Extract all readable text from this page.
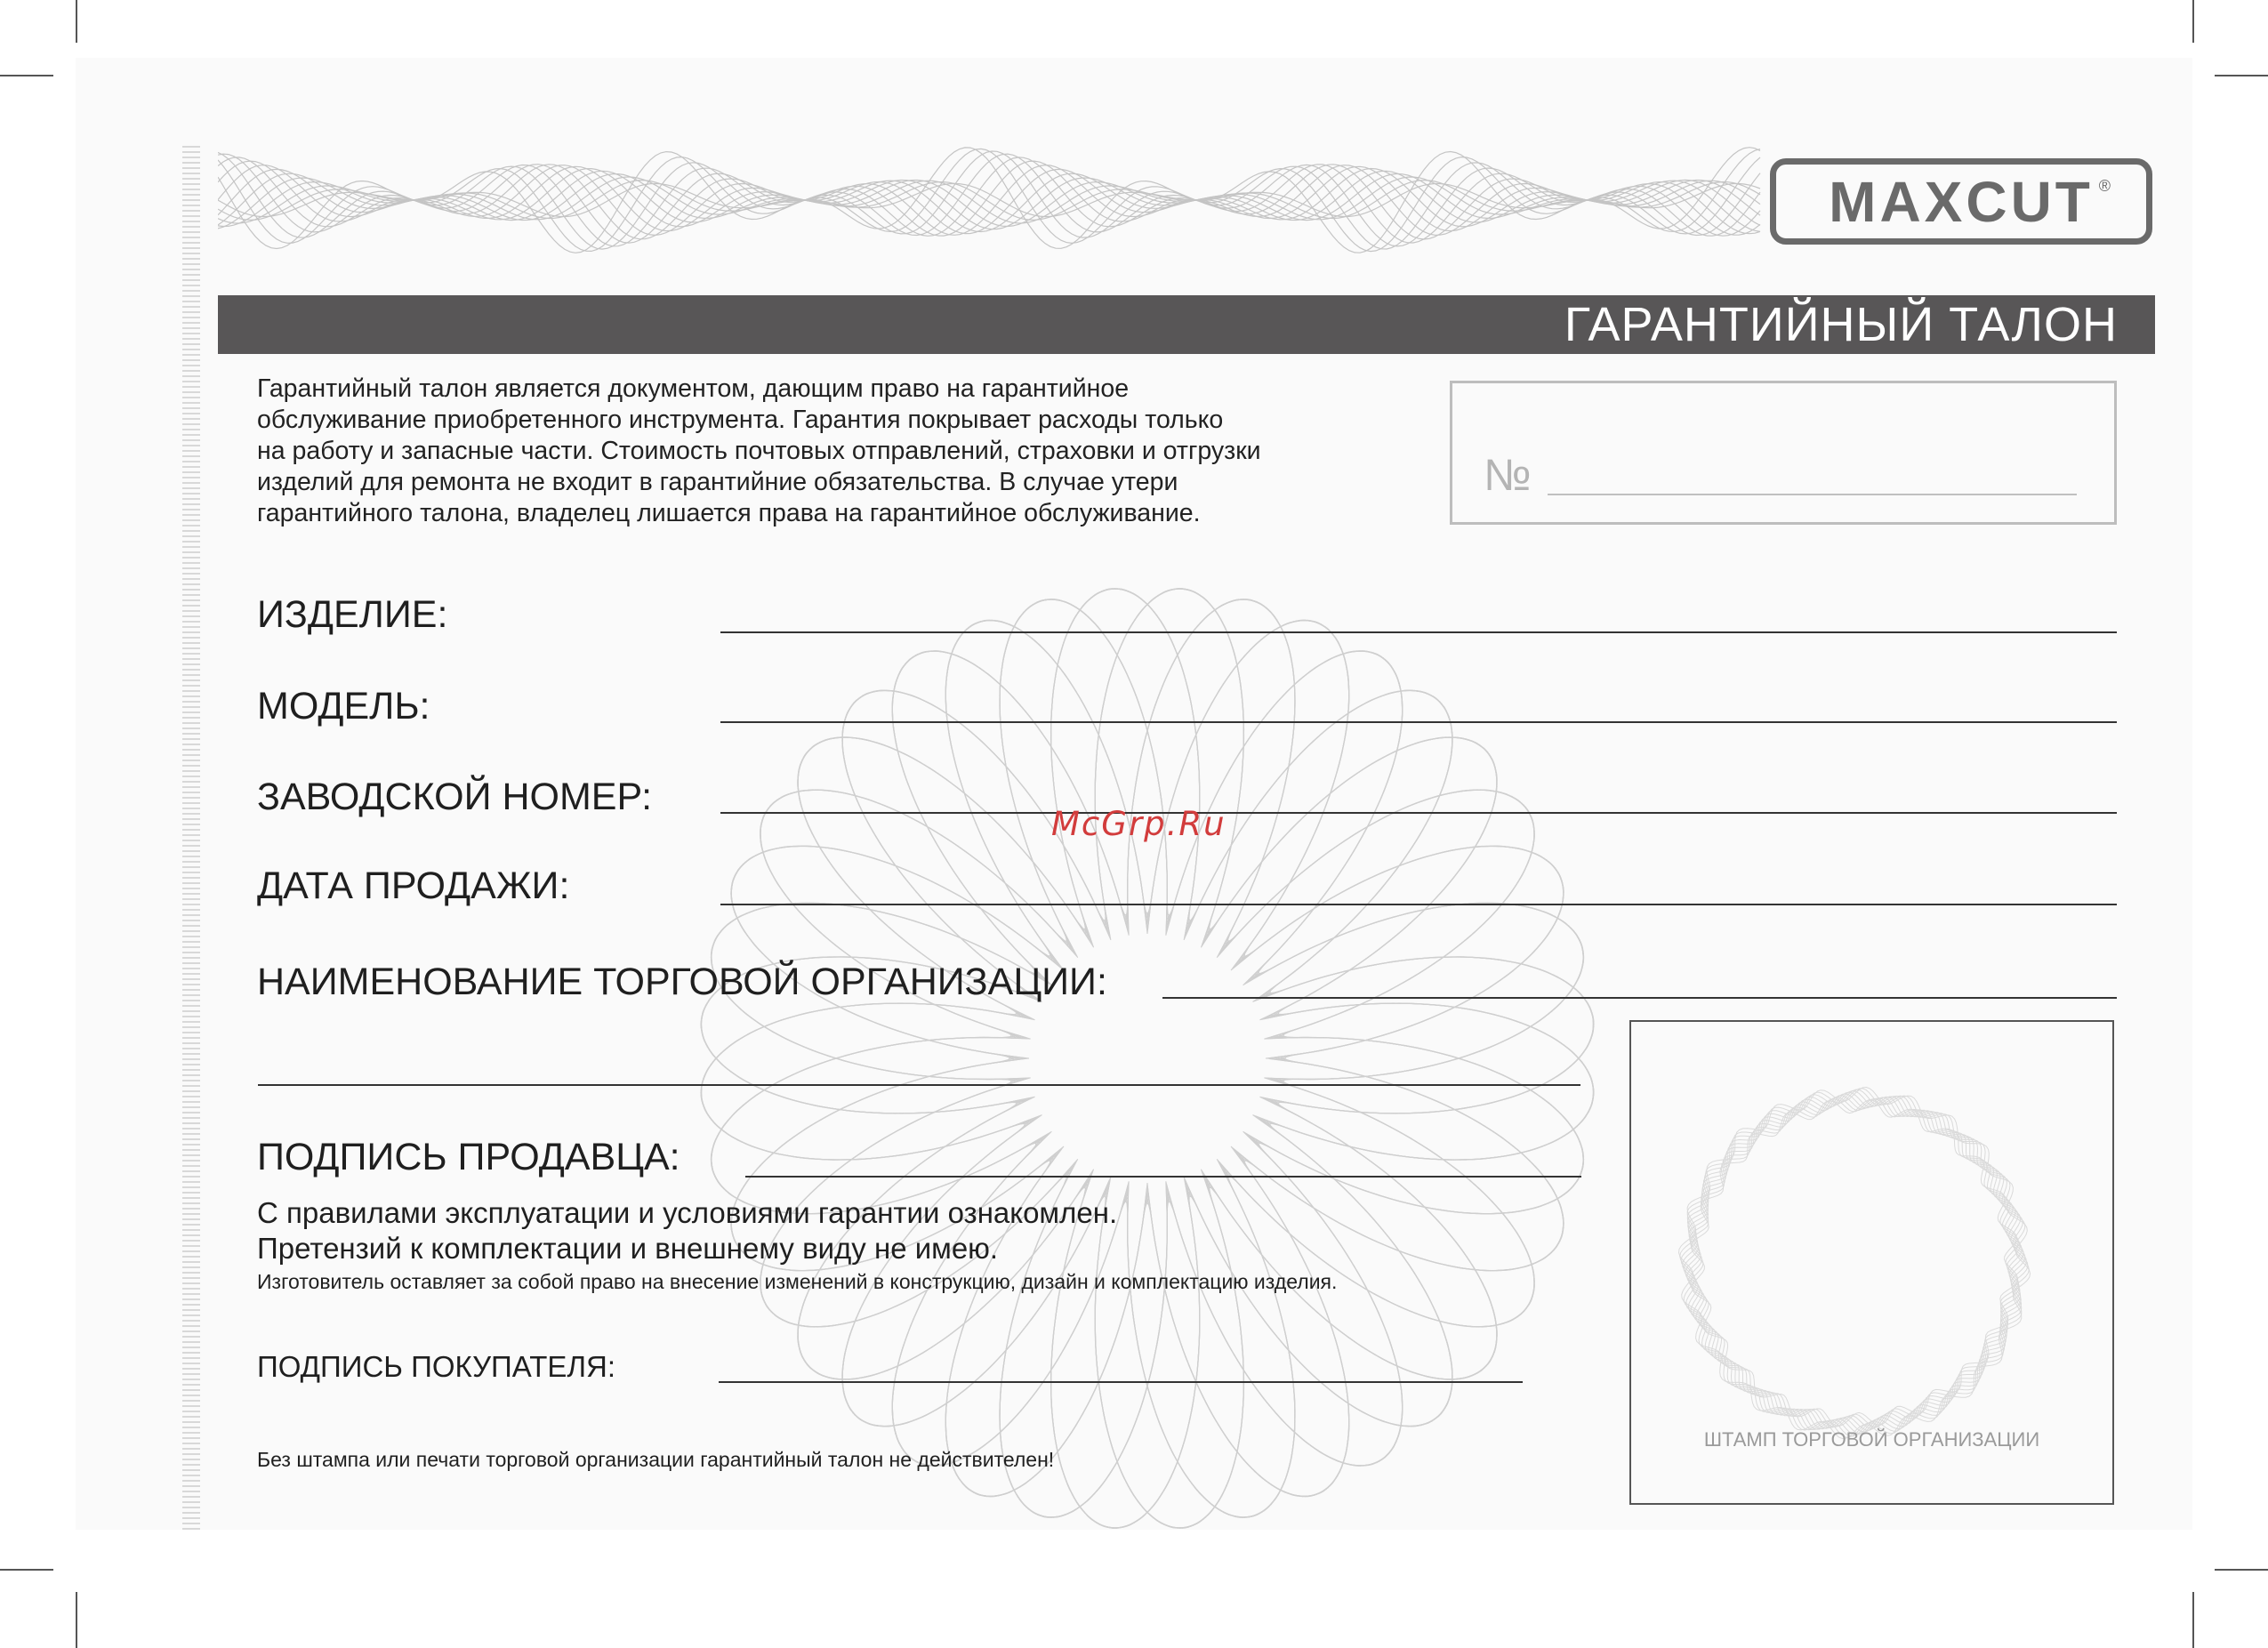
MAXCUT ®
ГАРАНТИЙНЫЙ ТАЛОН
Гарантийный талон является документом, дающим право на гарантийное
обслуживание приобретенного инструмента. Гарантия покрывает расходы только
на работу и запасные части. Стоимость почтовых отправлений, страховки и отгрузки
изделий для ремонта не входит в гарантийние обязательства. В случае утери
гарантийного талона, владелец лишается права на гарантийное обслуживание.
№
ИЗДЕЛИЕ:
МОДЕЛЬ:
ЗАВОДСКОЙ НОМЕР:
ДАТА ПРОДАЖИ:
НАИМЕНОВАНИЕ ТОРГОВОЙ ОРГАНИЗАЦИИ:
ПОДПИСЬ ПРОДАВЦА:
С правилами эксплуатации и условиями гарантии ознакомлен.
Претензий к комплектации и внешнему виду не имею.
Изготовитель оставляет за собой право на внесение изменений в конструкцию, дизайн и комплектацию изделия.
ПОДПИСЬ ПОКУПАТЕЛЯ:
Без штампа или печати торговой организации гарантийный талон не действителен!
ШТАМП ТОРГОВОЙ ОРГАНИЗАЦИИ
McGrp.Ru
